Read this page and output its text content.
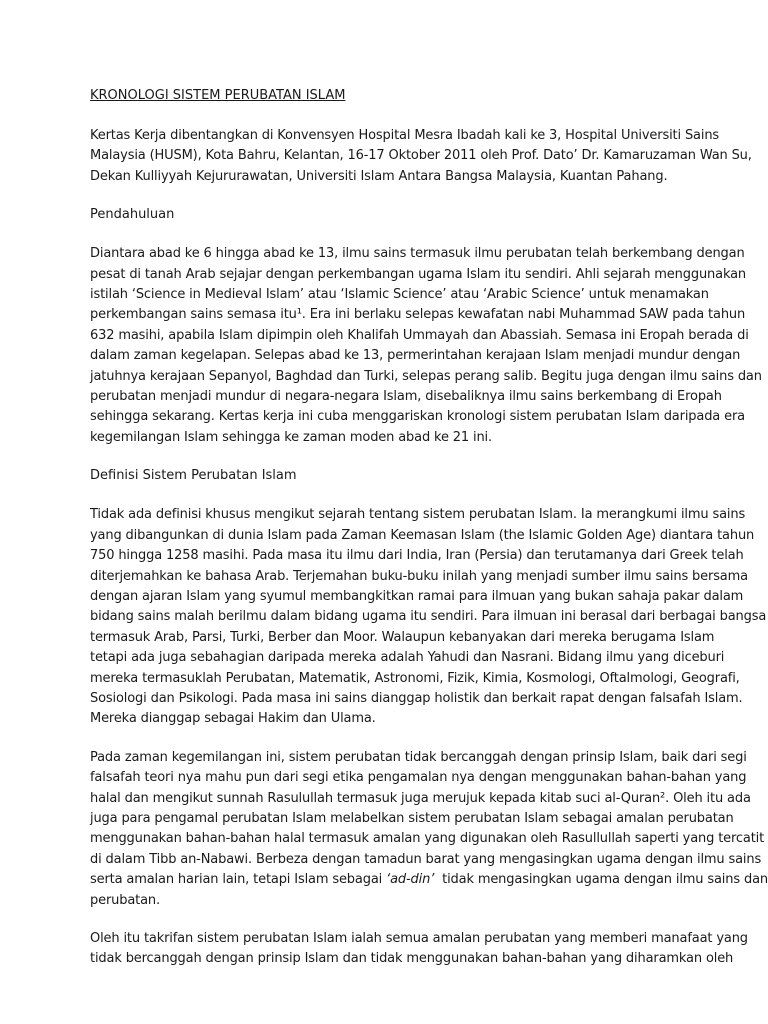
KRONOLOGI SISTEM PERUBATAN ISLAM

Kertas Kerja dibentangkan di Konvensyen Hospital Mesra Ibadah kali ke 3, Hospital Universiti Sains
Malaysia (HUSM), Kota Bahru, Kelantan, 16-17 Oktober 2011 oleh Prof. Dato’ Dr. Kamaruzaman Wan Su,
Dekan Kulliyyah Kejururawatan, Universiti Islam Antara Bangsa Malaysia, Kuantan Pahang.

Pendahuluan

Diantara abad ke 6 hingga abad ke 13, ilmu sains termasuk ilmu perubatan telah berkembang dengan
pesat di tanah Arab sejajar dengan perkembangan ugama Islam itu sendiri. Ahli sejarah menggunakan
istilah ‘Science in Medieval Islam’ atau ‘Islamic Science’ atau ‘Arabic Science’ untuk menamakan
perkembangan sains semasa itu¹. Era ini berlaku selepas kewafatan nabi Muhammad SAW pada tahun
632 masihi, apabila Islam dipimpin oleh Khalifah Ummayah dan Abassiah. Semasa ini Eropah berada di
dalam zaman kegelapan. Selepas abad ke 13, permerintahan kerajaan Islam menjadi mundur dengan
jatuhnya kerajaan Sepanyol, Baghdad dan Turki, selepas perang salib. Begitu juga dengan ilmu sains dan
perubatan menjadi mundur di negara-negara Islam, disebaliknya ilmu sains berkembang di Eropah
sehingga sekarang. Kertas kerja ini cuba menggariskan kronologi sistem perubatan Islam daripada era
kegemilangan Islam sehingga ke zaman moden abad ke 21 ini.

Definisi Sistem Perubatan Islam

Tidak ada definisi khusus mengikut sejarah tentang sistem perubatan Islam. Ia merangkumi ilmu sains
yang dibangunkan di dunia Islam pada Zaman Keemasan Islam (the Islamic Golden Age) diantara tahun
750 hingga 1258 masihi. Pada masa itu ilmu dari India, Iran (Persia) dan terutamanya dari Greek telah
diterjemahkan ke bahasa Arab. Terjemahan buku-buku inilah yang menjadi sumber ilmu sains bersama
dengan ajaran Islam yang syumul membangkitkan ramai para ilmuan yang bukan sahaja pakar dalam
bidang sains malah berilmu dalam bidang ugama itu sendiri. Para ilmuan ini berasal dari berbagai bangsa
termasuk Arab, Parsi, Turki, Berber dan Moor. Walaupun kebanyakan dari mereka berugama Islam
tetapi ada juga sebahagian daripada mereka adalah Yahudi dan Nasrani. Bidang ilmu yang diceburi
mereka termasuklah Perubatan, Matematik, Astronomi, Fizik, Kimia, Kosmologi, Oftalmologi, Geografi,
Sosiologi dan Psikologi. Pada masa ini sains dianggap holistik dan berkait rapat dengan falsafah Islam.
Mereka dianggap sebagai Hakim dan Ulama.

Pada zaman kegemilangan ini, sistem perubatan tidak bercanggah dengan prinsip Islam, baik dari segi
falsafah teori nya mahu pun dari segi etika pengamalan nya dengan menggunakan bahan-bahan yang
halal dan mengikut sunnah Rasulullah termasuk juga merujuk kepada kitab suci al-Quran². Oleh itu ada
juga para pengamal perubatan Islam melabelkan sistem perubatan Islam sebagai amalan perubatan
menggunakan bahan-bahan halal termasuk amalan yang digunakan oleh Rasullullah saperti yang tercatit
di dalam Tibb an-Nabawi. Berbeza dengan tamadun barat yang mengasingkan ugama dengan ilmu sains
serta amalan harian lain, tetapi Islam sebagai ‘ad-din’  tidak mengasingkan ugama dengan ilmu sains dan
perubatan.

Oleh itu takrifan sistem perubatan Islam ialah semua amalan perubatan yang memberi manafaat yang
tidak bercanggah dengan prinsip Islam dan tidak menggunakan bahan-bahan yang diharamkan oleh
